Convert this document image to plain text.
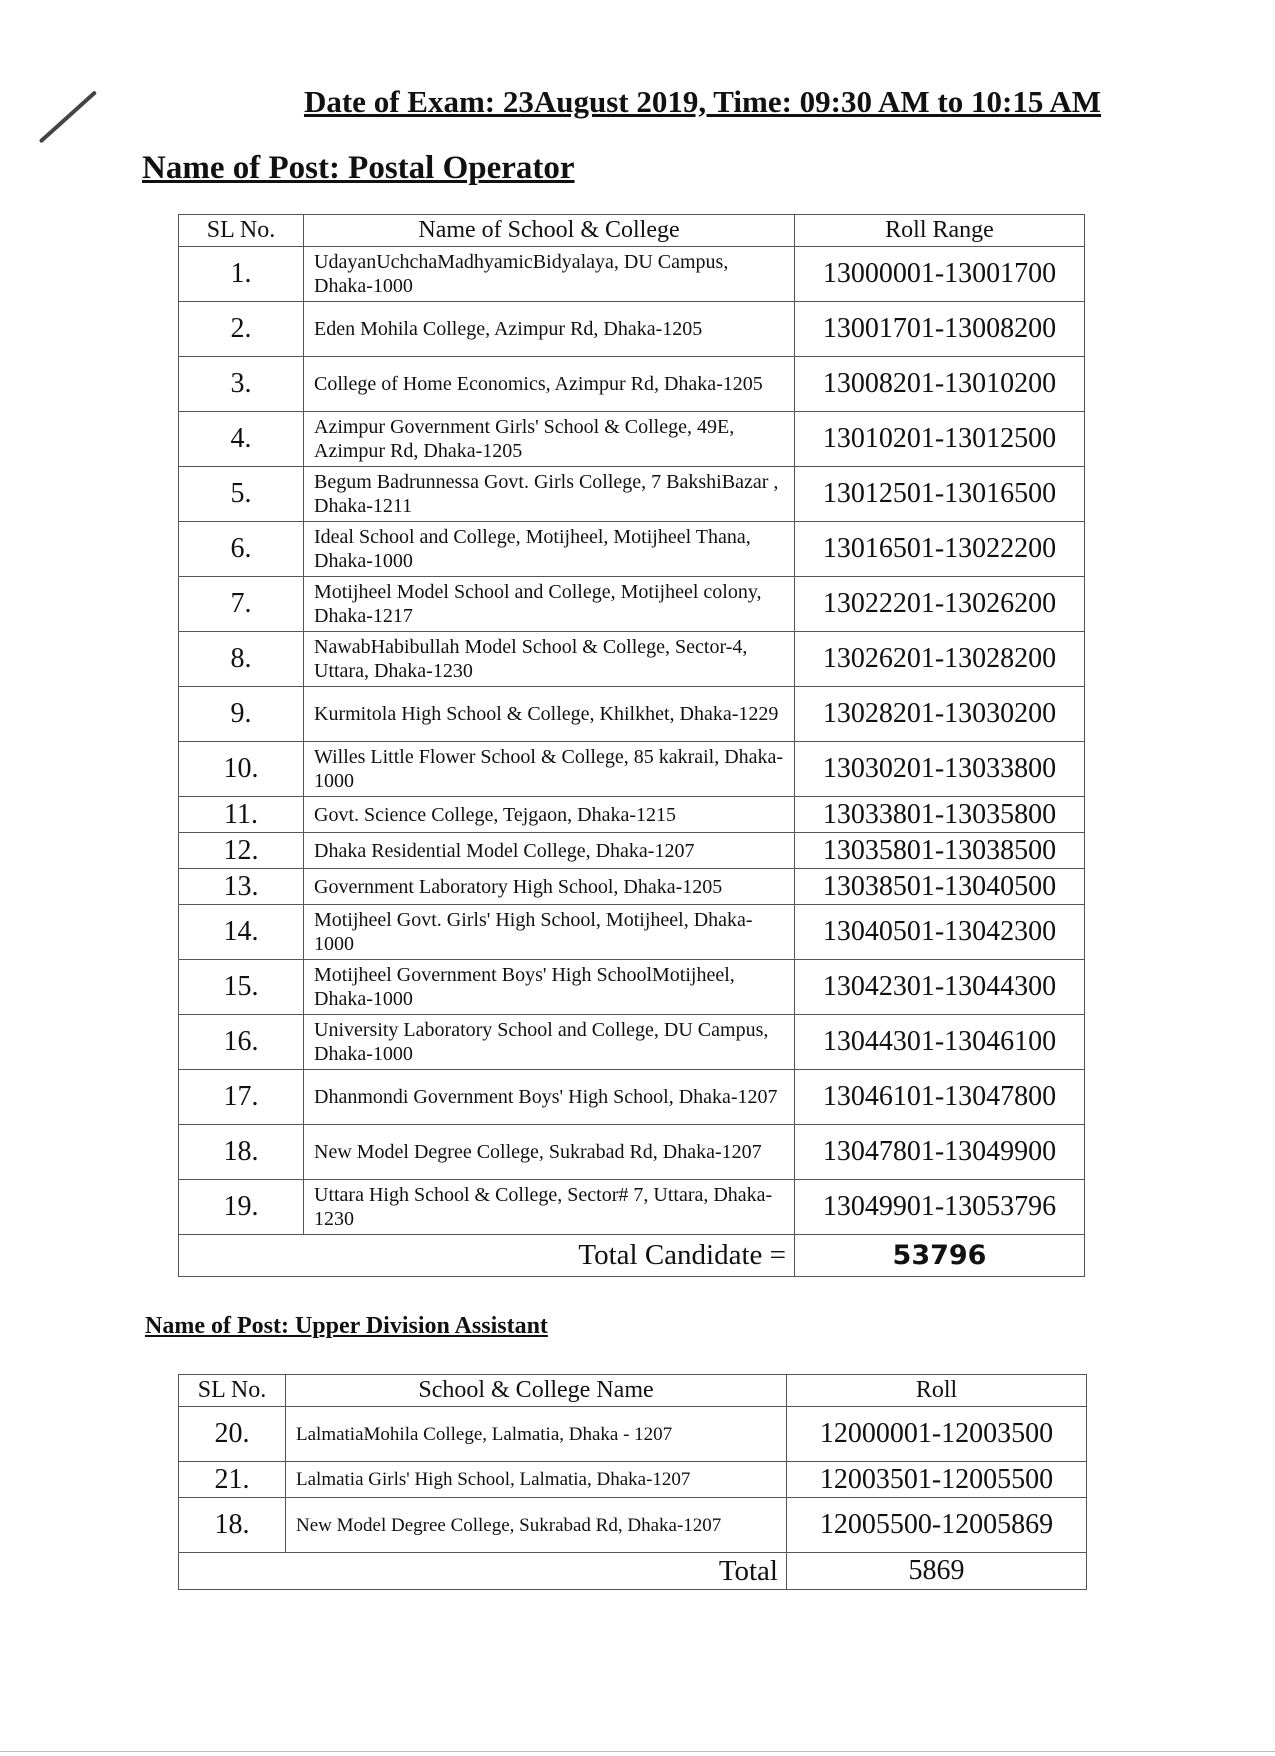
Date of Exam: 23August 2019, Time: 09:30 AM to 10:15 AM
Name of Post: Postal Operator
SL No.	Name of School & College	Roll Range
1.	UdayanUchchaMadhyamicBidyalaya, DU Campus, Dhaka-1000	13000001-13001700
2.	Eden Mohila College, Azimpur Rd, Dhaka-1205	13001701-13008200
3.	College of Home Economics, Azimpur Rd, Dhaka-1205	13008201-13010200
4.	Azimpur Government Girls' School & College, 49E, Azimpur Rd, Dhaka-1205	13010201-13012500
5.	Begum Badrunnessa Govt. Girls College, 7 BakshiBazar , Dhaka-1211	13012501-13016500
6.	Ideal School and College, Motijheel, Motijheel Thana, Dhaka-1000	13016501-13022200
7.	Motijheel Model School and College, Motijheel colony, Dhaka-1217	13022201-13026200
8.	NawabHabibullah Model School & College, Sector-4, Uttara, Dhaka-1230	13026201-13028200
9.	Kurmitola High School & College, Khilkhet, Dhaka-1229	13028201-13030200
10.	Willes Little Flower School & College, 85 kakrail, Dhaka-1000	13030201-13033800
11.	Govt. Science College, Tejgaon, Dhaka-1215	13033801-13035800
12.	Dhaka Residential Model College, Dhaka-1207	13035801-13038500
13.	Government Laboratory High School, Dhaka-1205	13038501-13040500
14.	Motijheel Govt. Girls' High School, Motijheel, Dhaka-1000	13040501-13042300
15.	Motijheel Government Boys' High SchoolMotijheel, Dhaka-1000	13042301-13044300
16.	University Laboratory School and College, DU Campus, Dhaka-1000	13044301-13046100
17.	Dhanmondi Government Boys' High School, Dhaka-1207	13046101-13047800
18.	New Model Degree College, Sukrabad Rd, Dhaka-1207	13047801-13049900
19.	Uttara High School & College, Sector# 7, Uttara, Dhaka-1230	13049901-13053796
Total Candidate =		53796
Name of Post: Upper Division Assistant
SL No.	School & College Name	Roll
20.	LalmatiaMohila College, Lalmatia, Dhaka - 1207	12000001-12003500
21.	Lalmatia Girls' High School, Lalmatia, Dhaka-1207	12003501-12005500
18.	New Model Degree College, Sukrabad Rd, Dhaka-1207	12005500-12005869
Total		5869
